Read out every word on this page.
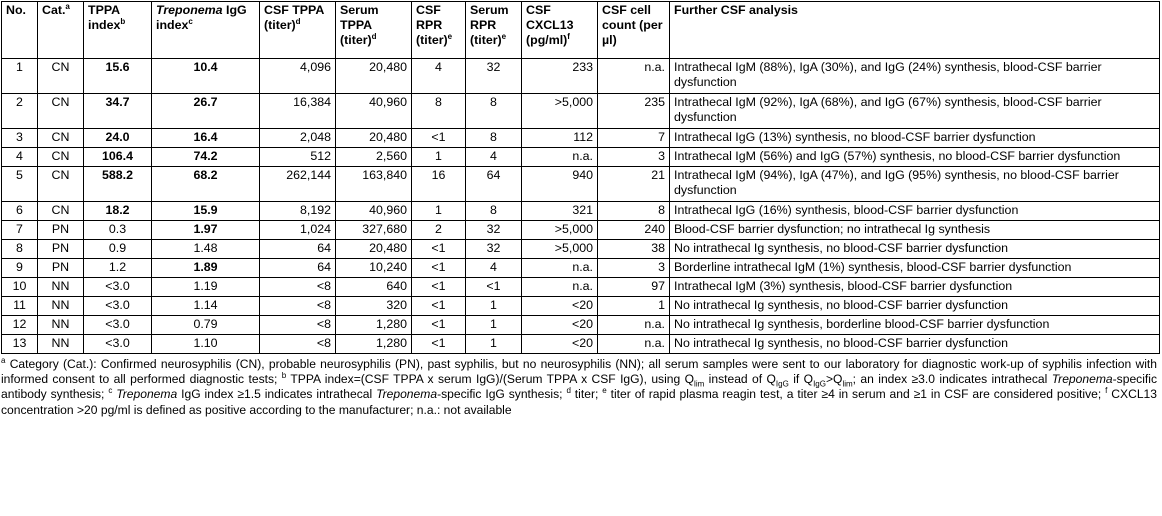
No.	Cat.$^a$	TPPA index$^b$	Treponema IgG index$^c$	CSF TPPA (titer)$^d$	Serum TPPA (titer)$^d$	CSF RPR (titer)$^e$	Serum RPR (titer)$^e$	CSF CXCL13 $(pg/ml)^f$	CSF cell count (per µl)	Further CSF analysis
1	CN	15.6	10.4	4,096	20,480	4	32	233	n.a.	Intrathecal IgM (88%), IgA (30%), and IgG (24%) synthesis, blood-CSF barrier dysfunction
2	CN	34.7	26.7	16,384	40,960	8	8	>5,000	235	Intrathecal IgM (92%), IgA (68%), and IgG (67%) synthesis, blood-CSF barrier dysfunction
3	CN	24.0	16.4	2,048	20,480	<1	8	112	7	Intrathecal IgG (13%) synthesis, no blood-CSF barrier dysfunction
4	CN	106.4	74.2	512	2,560	1	4	n.a.	3	Intrathecal IgM (56%) and IgG (57%) synthesis, no blood-CSF barrier dysfunction
5	CN	588.2	68.2	262,144	163,840	16	64	940	21	Intrathecal IgM (94%), IgA (47%), and IgG (95%) synthesis, no blood-CSF barrier dysfunction
6	CN	18.2	15.9	8,192	40,960	1	8	321	8	Intrathecal IgG (16%) synthesis, blood-CSF barrier dysfunction
7	PN	0.3	1.97	1,024	327,680	2	32	>5,000	240	Blood-CSF barrier dysfunction; no intrathecal Ig synthesis
8	PN	0.9	1.48	64	20,480	<1	32	>5,000	38	No intrathecal Ig synthesis, no blood-CSF barrier dysfunction
9	PN	1.2	1.89	64	10,240	<1	4	n.a.	3	Borderline intrathecal IgM (1%) synthesis, blood-CSF barrier dysfunction
10	NN	<3.0	1.19	<8	640	<1	<1	n.a.	97	Intrathecal IgM (3%) synthesis, blood-CSF barrier dysfunction
11	NN	<3.0	1.14	<8	320	<1	1	<20	1	No intrathecal Ig synthesis, no blood-CSF barrier dysfunction
12	NN	<3.0	0.79	<8	1,280	<1	1	<20	n.a.	No intrathecal Ig synthesis, borderline blood-CSF barrier dysfunction
13	NN	<3.0	1.10	<8	1,280	<1	1	<20	n.a.	No intrathecal Ig synthesis, no blood-CSF barrier dysfunction
$^a$ Category (Cat.): Confirmed neurosyphilis (CN), probable neurosyphilis (PN), past syphilis, but no neurosyphilis (NN); all serum samples were sent to our laboratory for diagnostic work-up of syphilis infection with informed consent to all performed diagnostic tests; $^b$ TPPA index=(CSF TPPA x serum IgG)/(Serum TPPA x CSF IgG), using $Q_{lim}$ instead of $Q_{IgG}$ if $Q_{IgG}>Q_{lim}$; an index ≥3.0 indicates intrathecal Treponema-specific antibody synthesis; $^c$ Treponema IgG index ≥1.5 indicates intrathecal Treponema-specific IgG synthesis; $^d$ titer; $^e$ titer of rapid plasma reagin test, a titer ≥4 in serum and ≥1 in CSF are considered positive; $^f$ CXCL13 concentration >20 pg/ml is defined as positive according to the manufacturer; n.a.: not available
